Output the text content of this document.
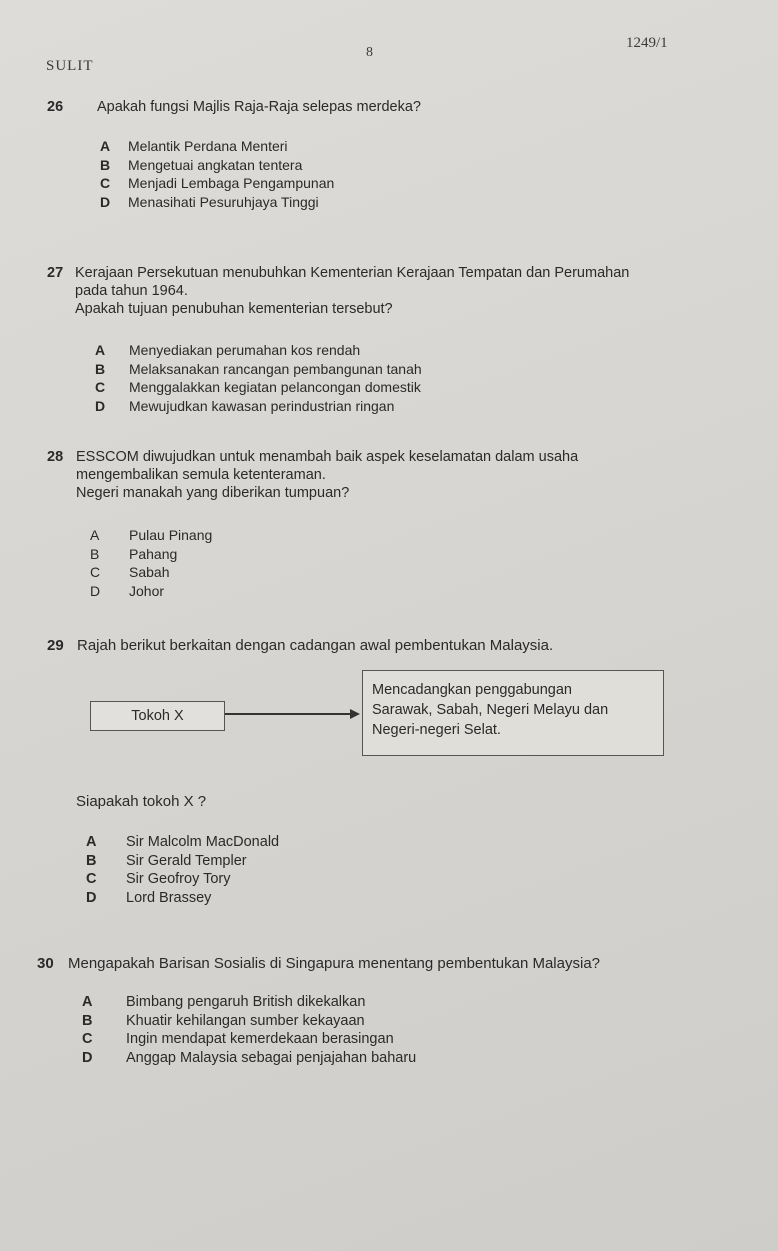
SULIT
8
1249/1
26 Apakah fungsi Majlis Raja-Raja selepas merdeka?
A	Melantik Perdana Menteri
B	Mengetuai angkatan tentera
C	Menjadi Lembaga Pengampunan
D	Menasihati Pesuruhjaya Tinggi
27 Kerajaan Persekutuan menubuhkan Kementerian Kerajaan Tempatan dan Perumahan
pada tahun 1964.
Apakah tujuan penubuhan kementerian tersebut?
A	Menyediakan perumahan kos rendah
B	Melaksanakan rancangan pembangunan tanah
C	Menggalakkan kegiatan pelancongan domestik
D	Mewujudkan kawasan perindustrian ringan
28 ESSCOM diwujudkan untuk menambah baik aspek keselamatan dalam usaha
mengembalikan semula ketenteraman.
Negeri manakah yang diberikan tumpuan?
A	Pulau Pinang
B	Pahang
C	Sabah
D	Johor
29 Rajah berikut berkaitan dengan cadangan awal pembentukan Malaysia.
Tokoh X
Mencadangkan penggabungan
Sarawak, Sabah, Negeri Melayu dan
Negeri-negeri Selat.
Siapakah tokoh X ?
A	Sir Malcolm MacDonald
B	Sir Gerald Templer
C	Sir Geofroy Tory
D	Lord Brassey
30 Mengapakah Barisan Sosialis di Singapura menentang pembentukan Malaysia?
A	Bimbang pengaruh British dikekalkan
B	Khuatir kehilangan sumber kekayaan
C	Ingin mendapat kemerdekaan berasingan
D	Anggap Malaysia sebagai penjajahan baharu
